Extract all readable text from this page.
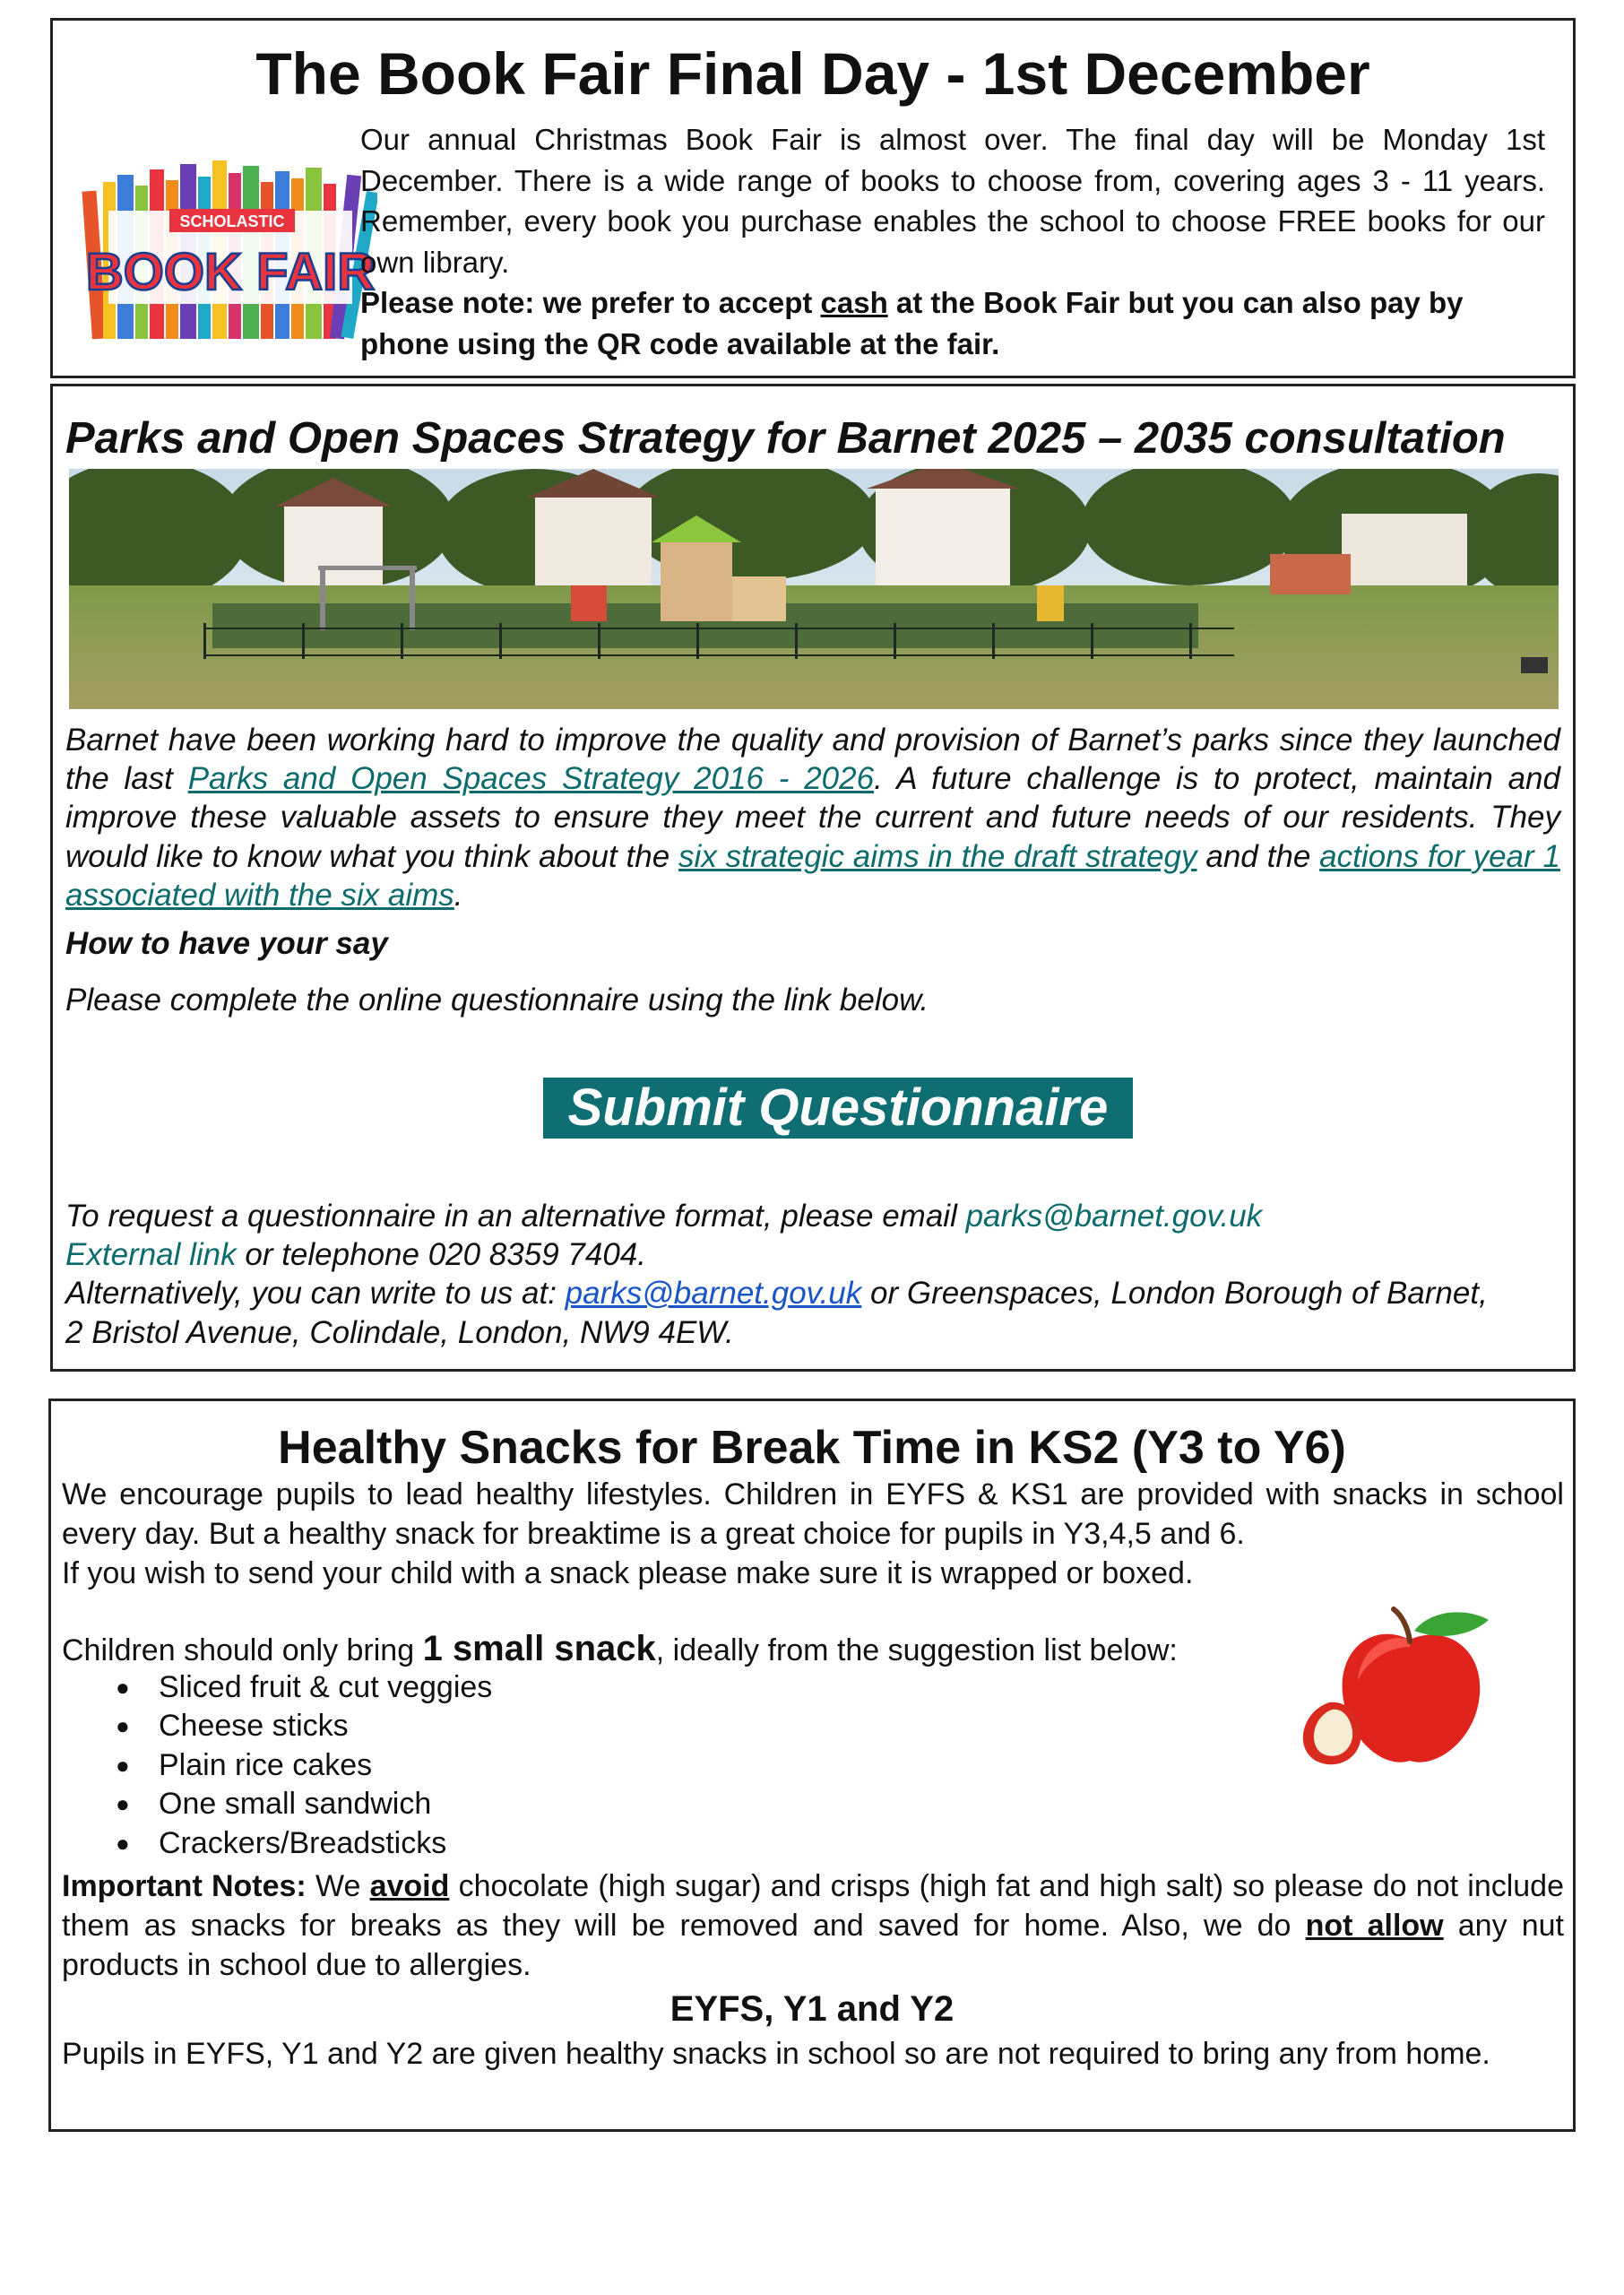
The Book Fair Final Day - 1st December
SCHOLASTIC
BOOK FAIR

Our annual Christmas Book Fair is almost over. The final day will be Monday 1st December. There is a wide range of books to choose from, covering ages 3 - 11 years. Remember, every book you purchase enables the school to choose FREE books for our own library.

Please note: we prefer to accept cash at the Book Fair but you can also pay by phone using the QR code available at the fair.

Parks and Open Spaces Strategy for Barnet 2025 – 2035 consultation
Barnet have been working hard to improve the quality and provision of Barnet’s parks since they launched the last Parks and Open Spaces Strategy 2016 - 2026. A future challenge is to protect, maintain and improve these valuable assets to ensure they meet the current and future needs of our residents. They would like to know what you think about the six strategic aims in the draft strategy and the actions for year 1 associated with the six aims.
How to have your say
Please complete the online questionnaire using the link below.
Submit Questionnaire
To request a questionnaire in an alternative format, please email parks@barnet.gov.uk
External link or telephone 020 8359 7404.
Alternatively, you can write to us at: parks@barnet.gov.uk or Greenspaces, London Borough of Barnet,
2 Bristol Avenue, Colindale, London, NW9 4EW.
Healthy Snacks for Break Time in KS2 (Y3 to Y6)

We encourage pupils to lead healthy lifestyles. Children in EYFS & KS1 are provided with snacks in school every day. But a healthy snack for breaktime is a great choice for pupils in Y3,4,5 and 6.

If you wish to send your child with a snack please make sure it is wrapped or boxed.

Children should only bring 1 small snack, ideally from the suggestion list below:
● Sliced fruit & cut veggies
● Cheese sticks
● Plain rice cakes
● One small sandwich
● Crackers/Breadsticks
Important Notes: We avoid chocolate (high sugar) and crisps (high fat and high salt) so please do not include them as snacks for breaks as they will be removed and saved for home. Also, we do not allow any nut products in school due to allergies.
EYFS, Y1 and Y2
Pupils in EYFS, Y1 and Y2 are given healthy snacks in school so are not required to bring any from home.
